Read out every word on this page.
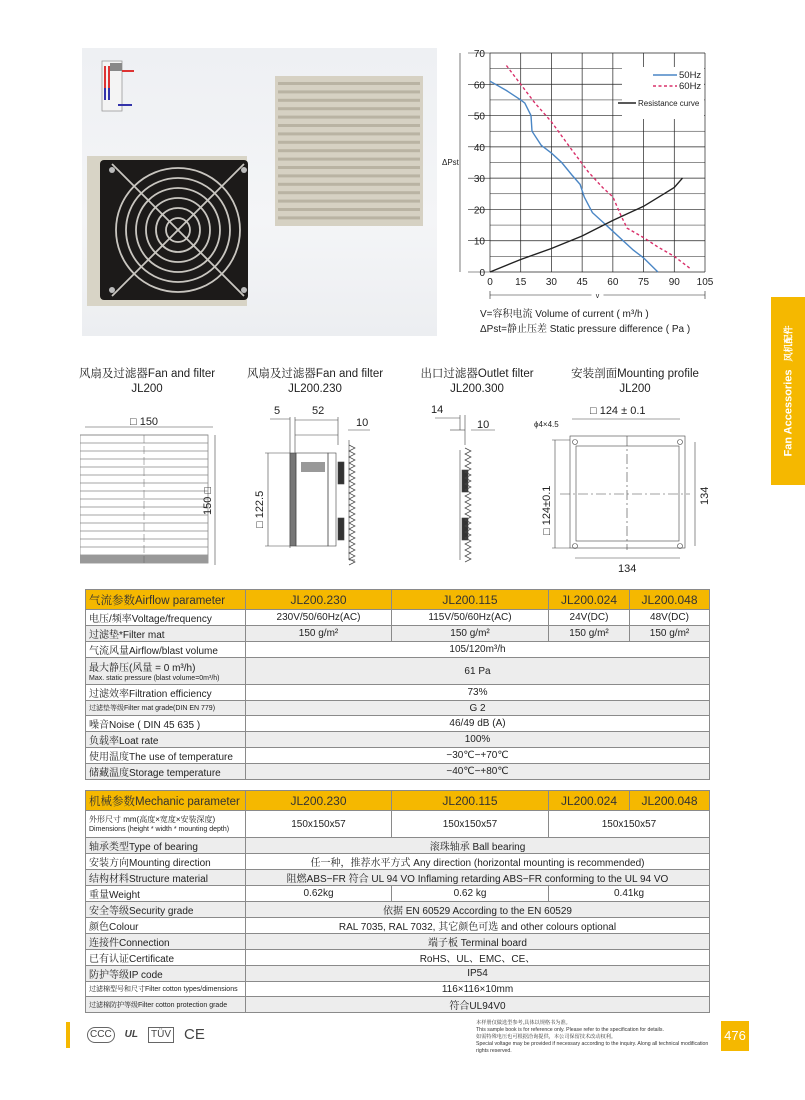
0
10
20
30
40
50
60
70
0 15 30 45 60 75 90 105
ΔPst
v
50Hz
60Hz
Resistance curve
V=容积电流 Volume of current ( m³/h )
ΔPst=静止压差 Static pressure difference ( Pa )
Fan Accessories风机配件
风扇及过滤器Fan and filter
JL200
□ 150
150 □
风扇及过滤器Fan and filter
JL200.230
5	52
10
□ 122.5
出口过滤器Outlet filter
JL200.300
14
10
安装剖面Mounting profile
JL200
□ 124 ± 0.1
ϕ4×4.5
□ 124±0.1	134
134
气流参数Airflow parameter	JL200.230	JL200.115	JL200.024	JL200.048
电压/频率Voltage/frequency	230V/50/60Hz(AC)	115V/50/60Hz(AC)	24V(DC)	48V(DC)
过滤垫*Filter mat	150 g/m²	150 g/m²	150 g/m²	150 g/m²
气流风量Airflow/blast volume	105/120m³/h			
最大静压(风量 = 0 m³/h)
Max. static pressure (blast volume=0m³/h)	61 Pa			
过滤效率Filtration efficiency	73%			
过滤垫等级Filter mat grade(DIN EN 779)	G 2			
噪音Noise ( DIN 45 635 )	46/49 dB (A)			
负载率Loat rate	100%			
使用温度The use of temperature	−30℃−+70℃			
储藏温度Storage temperature	−40℃−+80℃			
机械参数Mechanic parameter	JL200.230	JL200.115	JL200.024	JL200.048
外形尺寸 mm(高度×宽度×安装深度)
Dimensions (height * width * mounting depth)	150x150x57	150x150x57	150x150x57	
轴承类型Type of bearing	滚珠轴承 Ball bearing			
安装方向Mounting direction	任一种，推荐水平方式 Any direction (horizontal mounting is recommended)			
结构材料Structure material	阻燃ABS−FR 符合 UL 94 VO Inflaming retarding ABS−FR conforming to the UL 94 VO			
重量Weight	0.62kg	0.62 kg	0.41kg	
安全等级Security grade	依据 EN 60529 According to the EN 60529			
颜色Colour	RAL 7035, RAL 7032, 其它颜色可选 and other colours optional			
连接件Connection	端子板 Terminal board			
已有认证Certificate	RoHS、UL、EMC、CE、			
防护等级IP code	IP54			
过滤棉型号和尺寸Filter cotton types/dimensions	116×116×10mm			
过滤棉防护等级Filter cotton protection grade	符合UL94V0			
CCC	UL	TÜV CE
本样册仅做选型参考,具体以规格书为准。
This sample book is for reference only. Please refer to the specification for details.
如需特殊电压也可根据洽询提供，本公司保留技术改动权利。
Special voltage may be provided if necessary according to the inquiry. Along all technical modification rights reserved.
476
